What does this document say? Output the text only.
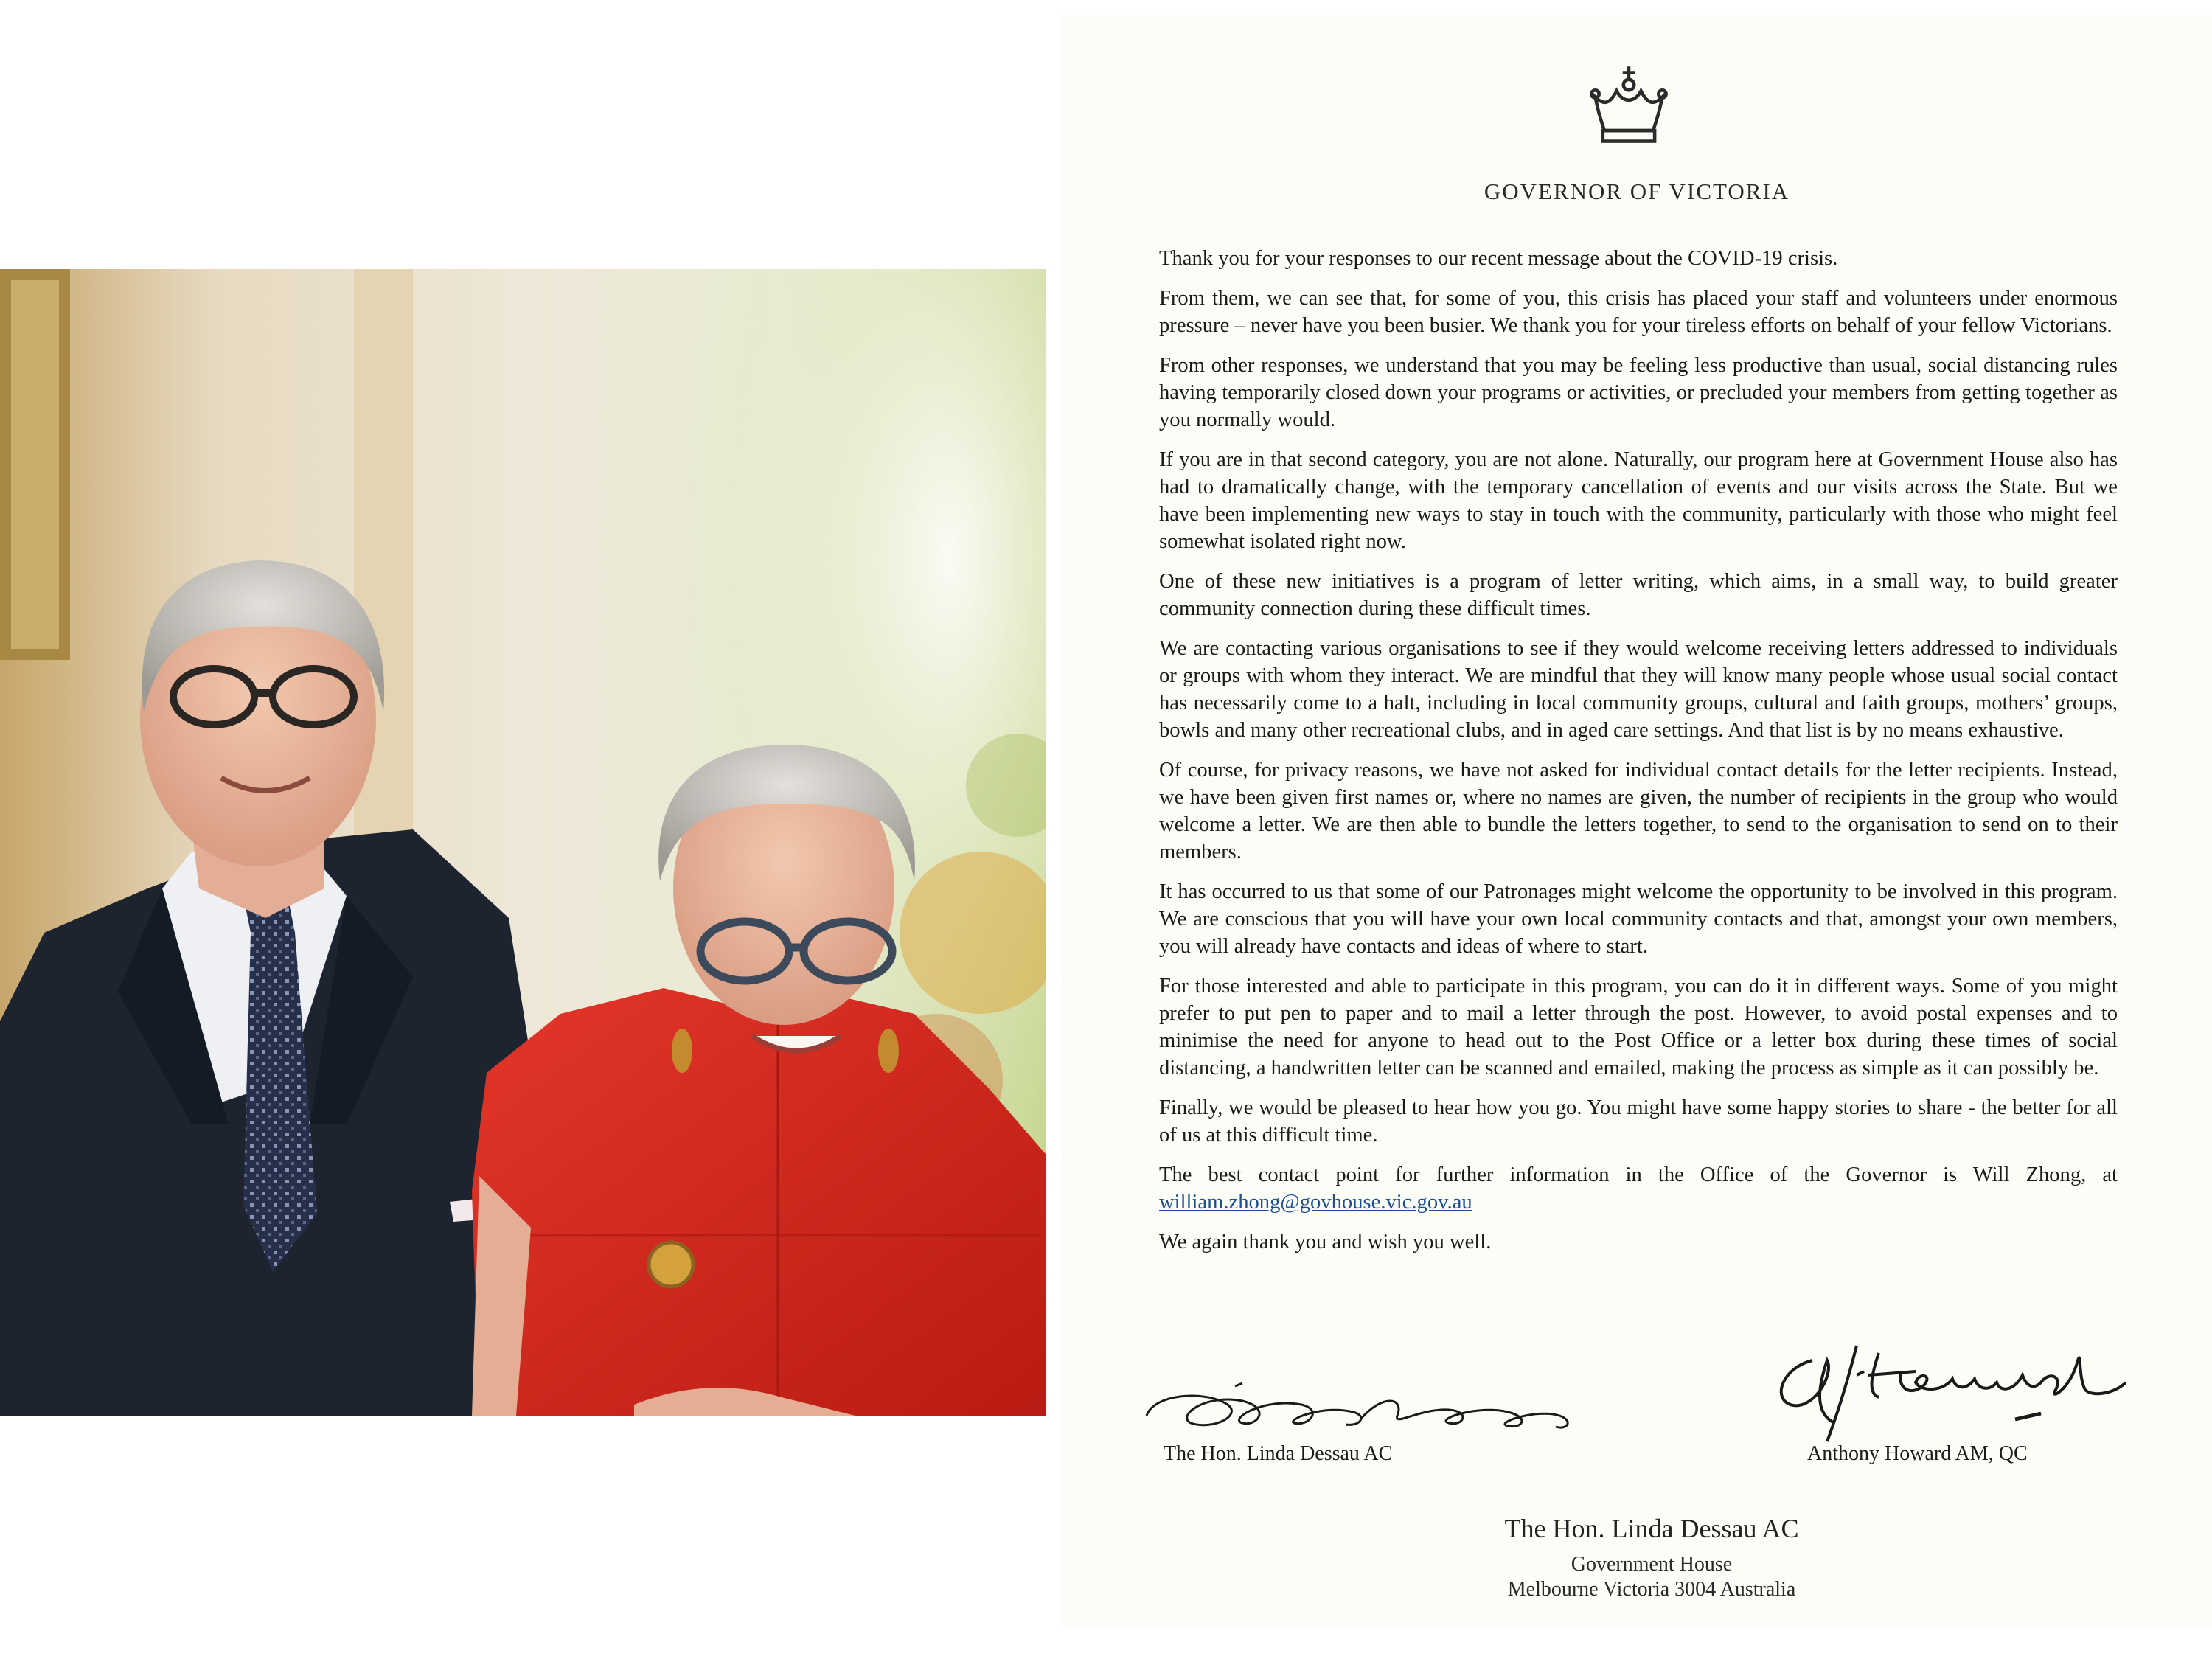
GOVERNOR OF VICTORIA

Thank you for your responses to our recent message about the COVID-19 crisis.

From them, we can see that, for some of you, this crisis has placed your staff and volunteers under enormous pressure – never have you been busier. We thank you for your tireless efforts on behalf of your fellow Victorians.

From other responses, we understand that you may be feeling less productive than usual, social distancing rules having temporarily closed down your programs or activities, or precluded your members from getting together as you normally would.

If you are in that second category, you are not alone. Naturally, our program here at Government House also has had to dramatically change, with the temporary cancellation of events and our visits across the State. But we have been implementing new ways to stay in touch with the community, particularly with those who might feel somewhat isolated right now.

One of these new initiatives is a program of letter writing, which aims, in a small way, to build greater community connection during these difficult times.

We are contacting various organisations to see if they would welcome receiving letters addressed to individuals or groups with whom they interact. We are mindful that they will know many people whose usual social contact has necessarily come to a halt, including in local community groups, cultural and faith groups, mothers’ groups, bowls and many other recreational clubs, and in aged care settings. And that list is by no means exhaustive.

Of course, for privacy reasons, we have not asked for individual contact details for the letter recipients. Instead, we have been given first names or, where no names are given, the number of recipients in the group who would welcome a letter. We are then able to bundle the letters together, to send to the organisation to send on to their members.

It has occurred to us that some of our Patronages might welcome the opportunity to be involved in this program. We are conscious that you will have your own local community contacts and that, amongst your own members, you will already have contacts and ideas of where to start.

For those interested and able to participate in this program, you can do it in different ways. Some of you might prefer to put pen to paper and to mail a letter through the post. However, to avoid postal expenses and to minimise the need for anyone to head out to the Post Office or a letter box during these times of social distancing, a handwritten letter can be scanned and emailed, making the process as simple as it can possibly be.

Finally, we would be pleased to hear how you go. You might have some happy stories to share - the better for all of us at this difficult time.

The best contact point for further information in the Office of the Governor is Will Zhong, at william.zhong@govhouse.vic.gov.au

We again thank you and wish you well.

The Hon. Linda Dessau AC	Anthony Howard AM, QC
The Hon. Linda Dessau AC
Government House
Melbourne Victoria 3004 Australia
